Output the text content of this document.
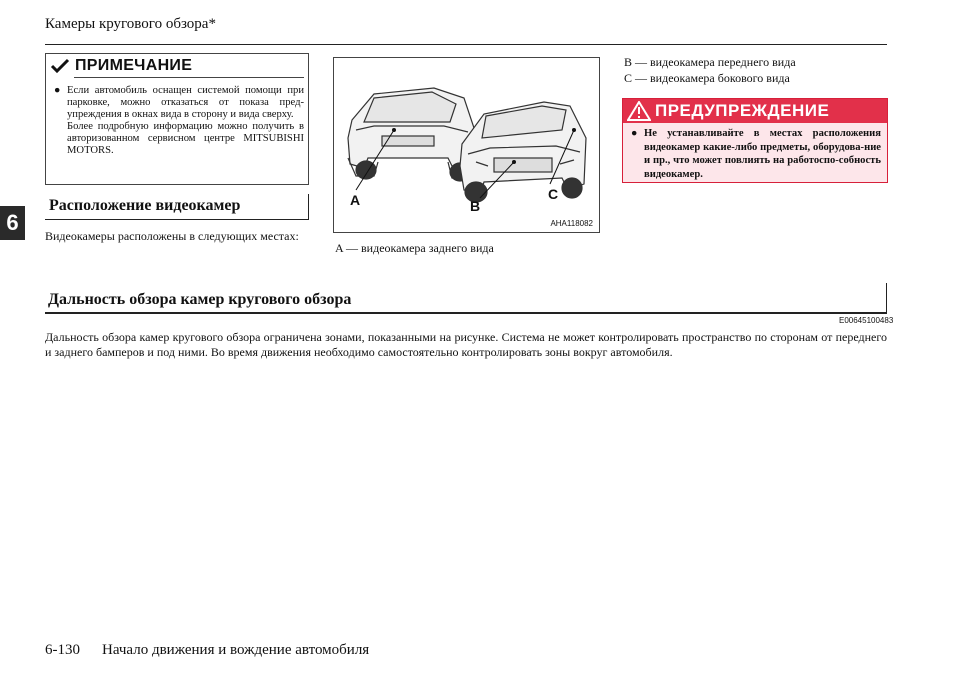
Камеры кругового обзора*
6
ПРИМЕЧАНИЕ
● Если автомобиль оснащен системой помощи при парковке, можно отказаться от показа пред-упреждения в окнах вида в сторону и вида сверху.
Более подробную информацию можно получить в авторизованном сервисном центре MITSUBISHI MOTORS.
Расположение видеокамер
Видеокамеры расположены в следующих местах:
A	B
C
AHA118082
A — видеокамера заднего вида
B — видеокамера переднего вида
C — видеокамера бокового вида
ПРЕДУПРЕЖДЕНИЕ
● Не устанавливайте в местах расположения видеокамер какие-либо предметы, оборудова-ние и пр., что может повлиять на работоспо-собность видеокамер.
Дальность обзора камер кругового обзора
E00645100483
Дальность обзора камер кругового обзора ограничена зонами, показанными на рисунке. Система не может контролировать пространство по сторонам от переднего и заднего бамперов и под ними. Во время движения необходимо самостоятельно контролировать зоны вокруг автомобиля.
6-130 Начало движения и вождение автомобиля
